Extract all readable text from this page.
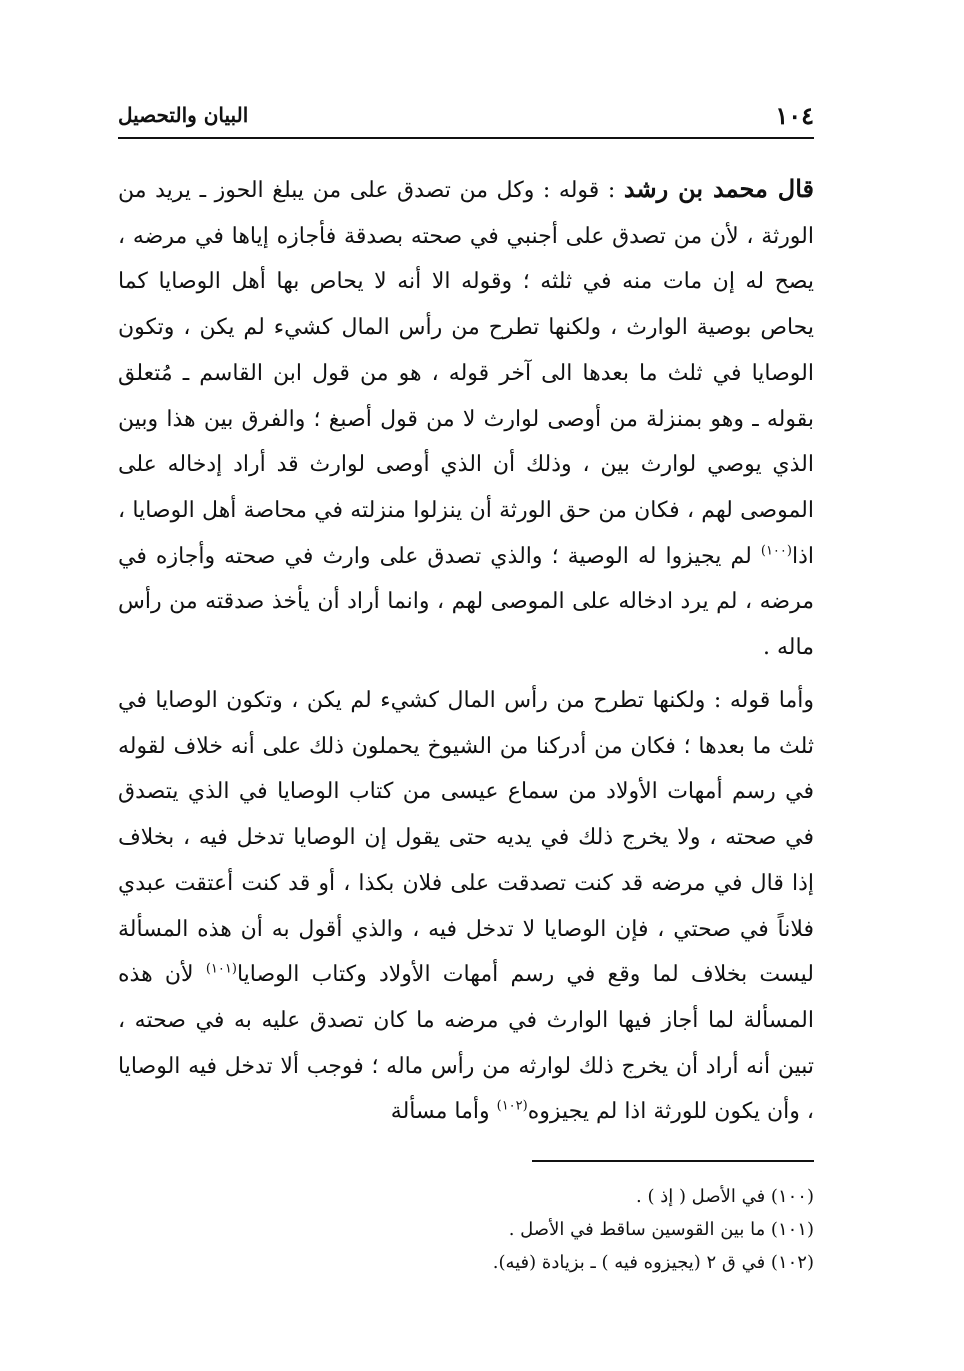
١٠٤
البيان والتحصيل

قال محمد بن رشد : قوله : وكل من تصدق على من يبلغ الحوز ـ يريد من الورثة ، لأن من تصدق على أجنبي في صحته بصدقة فأجازه إياها في مرضه ، يصح له إن مات منه في ثلثه ؛ وقوله الا أنه لا يحاص بها أهل الوصايا كما يحاص بوصية الوارث ، ولكنها تطرح من رأس المال كشيء لم يكن ، وتكون الوصايا في ثلث ما بعدها الى آخر قوله ، هو من قول ابن القاسم ـ مُتعلق بقوله ـ وهو بمنزلة من أوصى لوارث لا من قول أصبغ ؛ والفرق بين هذا وبين الذي يوصي لوارث بين ، وذلك أن الذي أوصى لوارث قد أراد إدخاله على الموصى لهم ، فكان من حق الورثة أن ينزلوا منزلته في محاصة أهل الوصايا ، اذا$^{(١٠٠)}$ لم يجيزوا له الوصية ؛ والذي تصدق على وارث في صحته وأجازه في مرضه ، لم يرد ادخاله على الموصى لهم ، وانما أراد أن يأخذ صدقته من رأس ماله .

وأما قوله : ولكنها تطرح من رأس المال كشيء لم يكن ، وتكون الوصايا في ثلث ما بعدها ؛ فكان من أدركنا من الشيوخ يحملون ذلك على أنه خلاف لقوله في رسم أمهات الأولاد من سماع عيسى من كتاب الوصايا في الذي يتصدق في صحته ، ولا يخرج ذلك في يديه حتى يقول إن الوصايا تدخل فيه ، بخلاف إذا قال في مرضه قد كنت تصدقت على فلان بكذا ، أو قد كنت أعتقت عبدي فلاناً في صحتي ، فإن الوصايا لا تدخل فيه ، والذي أقول به أن هذه المسألة ليست بخلاف لما وقع في رسم أمهات الأولاد وكتاب الوصايا$^{(١٠١)}$ لأن هذه المسألة لما أجاز فيها الوارث في مرضه ما كان تصدق عليه به في صحته ، تبين أنه أراد أن يخرج ذلك لوارثه من رأس ماله ؛ فوجب ألا تدخل فيه الوصايا ، وأن يكون للورثة اذا لم يجيزوه$^{(١٠٢)}$ وأما مسألة

(١٠٠) في الأصل ( إذ ) .
(١٠١) ما بين القوسين ساقط في الأصل .
(١٠٢) في ق ٢ (يجيزوه فيه ) ـ بزيادة (فيه).
